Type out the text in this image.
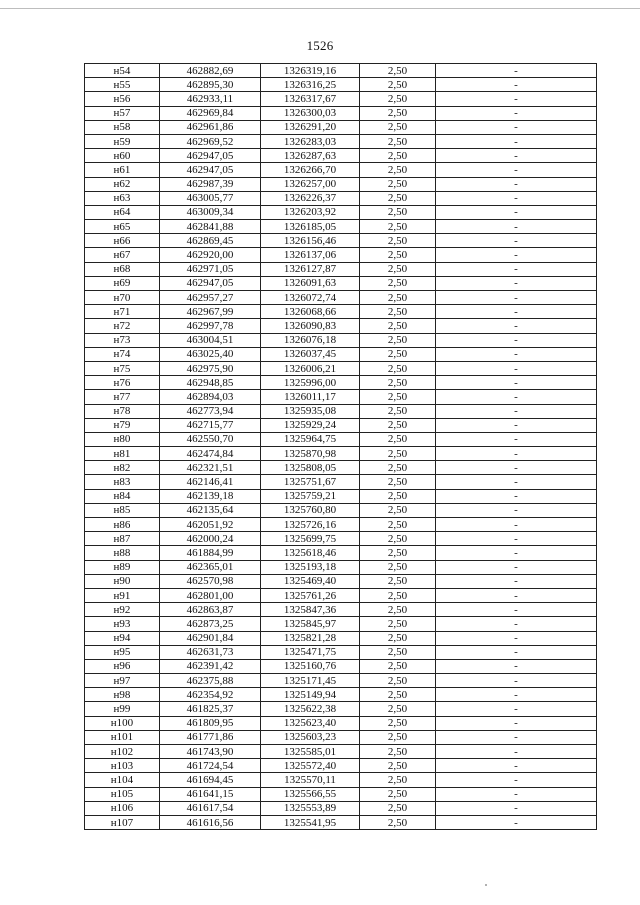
1526
н54	462882,69	1326319,16	2,50	-
н55	462895,30	1326316,25	2,50	-
н56	462933,11	1326317,67	2,50	-
н57	462969,84	1326300,03	2,50	-
н58	462961,86	1326291,20	2,50	-
н59	462969,52	1326283,03	2,50	-
н60	462947,05	1326287,63	2,50	-
н61	462947,05	1326266,70	2,50	-
н62	462987,39	1326257,00	2,50	-
н63	463005,77	1326226,37	2,50	-
н64	463009,34	1326203,92	2,50	-
н65	462841,88	1326185,05	2,50	-
н66	462869,45	1326156,46	2,50	-
н67	462920,00	1326137,06	2,50	-
н68	462971,05	1326127,87	2,50	-
н69	462947,05	1326091,63	2,50	-
н70	462957,27	1326072,74	2,50	-
н71	462967,99	1326068,66	2,50	-
н72	462997,78	1326090,83	2,50	-
н73	463004,51	1326076,18	2,50	-
н74	463025,40	1326037,45	2,50	-
н75	462975,90	1326006,21	2,50	-
н76	462948,85	1325996,00	2,50	-
н77	462894,03	1326011,17	2,50	-
н78	462773,94	1325935,08	2,50	-
н79	462715,77	1325929,24	2,50	-
н80	462550,70	1325964,75	2,50	-
н81	462474,84	1325870,98	2,50	-
н82	462321,51	1325808,05	2,50	-
н83	462146,41	1325751,67	2,50	-
н84	462139,18	1325759,21	2,50	-
н85	462135,64	1325760,80	2,50	-
н86	462051,92	1325726,16	2,50	-
н87	462000,24	1325699,75	2,50	-
н88	461884,99	1325618,46	2,50	-
н89	462365,01	1325193,18	2,50	-
н90	462570,98	1325469,40	2,50	-
н91	462801,00	1325761,26	2,50	-
н92	462863,87	1325847,36	2,50	-
н93	462873,25	1325845,97	2,50	-
н94	462901,84	1325821,28	2,50	-
н95	462631,73	1325471,75	2,50	-
н96	462391,42	1325160,76	2,50	-
н97	462375,88	1325171,45	2,50	-
н98	462354,92	1325149,94	2,50	-
н99	461825,37	1325622,38	2,50	-
н100	461809,95	1325623,40	2,50	-
н101	461771,86	1325603,23	2,50	-
н102	461743,90	1325585,01	2,50	-
н103	461724,54	1325572,40	2,50	-
н104	461694,45	1325570,11	2,50	-
н105	461641,15	1325566,55	2,50	-
н106	461617,54	1325553,89	2,50	-
н107	461616,56	1325541,95	2,50	-
